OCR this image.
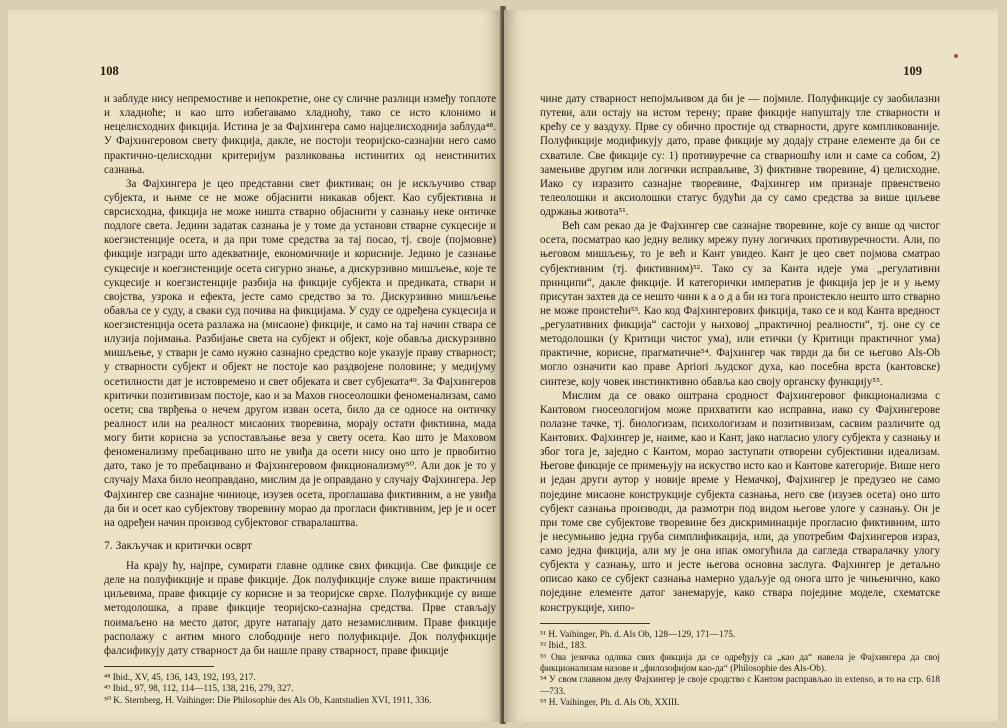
108

и заблуде нису непремостиве и непокретне, оне су сличне разлици између топлоте и хладноће; и као што избегавамо хладноћу, тако се исто клонимо и нецелисходних фикција. Истина је за Фајхингера само најцелисходнија заблуда⁴⁸. У Фајхингеровом свету фикција, дакле, не постоји теоријско-сазнајни него само практично-целисходни критеријум разликовања истинитих од неистинитих сазнања.

За Фајхингера је цео представни свет фиктиван; он је искључиво ствар субјекта, и њиме се не може објаснити никакав објект. Као субјективна и сврсисходна, фикција не може ништа стварно објаснити у сазнању неке онтичке подлоге света. Једини задатак сазнања је у томе да установи стварне сукцесије и коегзистенције осета, и да при томе средства за тај посао, тј. своје (појмовне) фикције изгради што адекватније, економичније и корисније. Једино је сазнање сукцесије и коегзистенције осета сигурно знање, а дискурзивно мишљење, које те сукцесије и коегзистенције разбија на фикције субјекта и предиката, ствари и својства, узрока и ефекта, јесте само средство за то. Дискурзивно мишљење обавља се у суду, а сваки суд почива на фикцијама. У суду се одређена сукцесија и коегзистенција осета разлажа на (мисаоне) фикције, и само на тај начин ствара се илузија појимања. Разбијање света на субјект и објект, које обавља дискурзивно мишљење, у ствари је само нужно сазнајно средство које указује праву стварност; у стварности субјект и објект не постоје као раздвојене половине; у медијуму осетилности дат је истовремено и свет објеката и свет субјеката⁴⁹. За Фајхингеров критички позитивизам постоје, као и за Махов гносеолошки феноменализам, само осети; сва тврђења о нечем другом изван осета, било да се односе на онтичку реалност или на реалност мисаоних творевина, морају остати фиктивна, мада могу бити корисна за успостављање веза у свету осета. Као што је Маховом феноменализму пребацивано што не увиђа да осети нису оно што је првобитно дато, тако је то пребацивано и Фајхингеровом фикционализму⁵⁰. Али док је то у случају Маха било неоправдано, мислим да је оправдано у случају Фајхингера. Јер Фајхингер све сазнајне чиниоце, изузев осета, проглашава фиктивним, а не увиђа да би и осет као субјектову творевину морао да прогласи фиктивним, јер је и осет на одређен начин производ субјектовог стваралаштва.

7. Закључак и критички осврт

На крају ћу, најпре, сумирати главне одлике свих фикција. Све фикције се деле на полуфикције и праве фикције. Док полуфикције служе више практичним циљевима, праве фикције су корисне и за теоријске сврхе. Полуфикције су више методолошка, а праве фикције теоријско-сазнајна средства. Прве стављају поимаљено на место датог, друге натапају дато незамисливим. Праве фикције располажу с антим много слободније него полуфикције. Док полуфикције фалсификују дату стварност да би нашле праву стварност, праве фикције

⁴⁸ Ibid., XV, 45, 136, 143, 192, 193, 217.

⁴⁹ Ibid., 97, 98, 112, 114—115, 138, 216, 279, 327.

⁵⁰ K. Sternberg, H. Vaihinger: Die Philosophie des Als Ob, Kantstudien XVI, 1911, 336.

109

чине дату стварност непојмљивом да би је — појмиле. Полуфикције су заобилазни путеви, али остају на истом терену; праве фикције напуштају тле стварности и крећу се у ваздуху. Прве су обично простије од стварности, друге компликованије. Полуфикције модификују дато, праве фикције му додају стране елементе да би се схватиле. Све фикције су: 1) противуречне са стварношћу или и саме са собом, 2) замењиве другим или логички исправљиве, 3) фиктивне творевине, 4) целисходне. Иако су изразито сазнајне творевине, Фајхингер им признаје првенствено телеолошки и аксиолошки статус будући да су само средства за више циљеве одржања живота⁵¹.

Већ сам рекао да је Фајхингер све сазнајне творевине, које су више од чистог осета, посматрао као једну велику мрежу пуну логичких противуречности. Али, по његовом мишљењу, то је већ и Кант увидео. Кант је цео свет појмова сматрао субјективним (тј. фиктивним)⁵². Тако су за Канта идеје ума „регулативни принципи“, дакле фикције. И категорички императив је фикција јер је и у њему присутан захтев да се нешто чини к а о д а би из тога проистекло нешто што стварно не може проистећи⁵³. Као код Фајхингерових фикција, тако се и код Канта вредност „регулативних фикција“ састоји у њиховој „практичној реалности“, тј. оне су се методолошки (у Критици чистог ума), или етички (у Критици практичног ума) практичне, корисне, прагматичне⁵⁴. Фајхингер чак тврди да би се његово Als-Ob могло означити као праве Apriori људског духа, као посебна врста (кантовске) синтезе, коју човек инстинктивно обавља као своју органску функцију⁵⁵.

Мислим да се овако оштрана сродност Фајхингеровог фикционализма с Кантовом гносеологијом може прихватити као исправна, иако су Фајхингерове полазне тачке, тј. биологизам, психологизам и позитивизам, сасвим различите од Кантових. Фајхингер је, наиме, као и Кант, јако нагласио улогу субјекта у сазнању и због тога је, заједно с Кантом, морао заступати отворени субјективни идеализам. Његове фикције се примењују на искуство исто као и Кантове категорије. Више него и један други аутор у новије време у Немачкој, Фајхингер је предузео не само поједине мисаоне конструкције субјекта сазнања, него све (изузев осета) оно што субјект сазнања производи, да размотри под видом његове улоге у сазнању. Он је при томе све субјектове творевине без дискриминације прогласио фиктивним, што је несумњиво једна груба симплификација, или, да употребим Фајхингеров израз, само једна фикција, али му је она ипак омогућила да сагледа стваралачку улогу субјекта у сазнању, што и јесте његова основна заслуга. Фајхингер је детаљно описао како се субјект сазнања намерно удаљује од онога што је чињенично, како поједине елементе датог занемарује, како ствара поједине моделе, схематске конструкције, хипо-

⁵¹ H. Vaihinger, Ph. d. Als Ob, 128—129, 171—175.

⁵² Ibid., 183.

⁵³ Ова језичка одлика свих фикција да се одређују са „као да“ навела је Фајхингера да свој фикционализам назове и „филозофијом као-да“ (Philosophie des Als-Ob).

⁵⁴ У свом главном делу Фајхингер је своје сродство с Кантом расправљао in extenso, и то на стр. 618—733.

⁵⁵ H. Vaihinger, Ph. d. Als Ob, XXIII.
